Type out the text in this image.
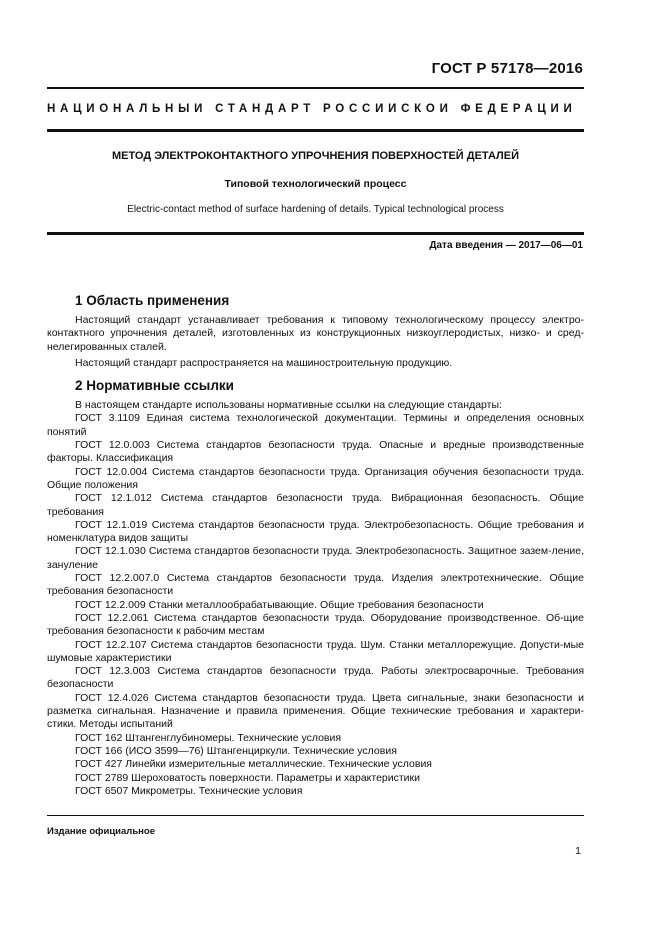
ГОСТ Р 57178—2016
НАЦИОНАЛЬНЫЙ СТАНДАРТ РОССИЙСКОЙ ФЕДЕРАЦИИ
МЕТОД ЭЛЕКТРОКОНТАКТНОГО УПРОЧНЕНИЯ ПОВЕРХНОСТЕЙ ДЕТАЛЕЙ
Типовой технологический процесс
Electric-contact method of surface hardening of details. Typical technological process
Дата введения — 2017—06—01
1 Область применения

Настоящий стандарт устанавливает требования к типовому технологическому процессу электро-контактного упрочнения деталей, изготовленных из конструкционных низкоуглеродистых, низко- и сред-нелегированных сталей.

Настоящий стандарт распространяется на машиностроительную продукцию.

2 Нормативные ссылки

В настоящем стандарте использованы нормативные ссылки на следующие стандарты:

ГОСТ 3.1109 Единая система технологической документации. Термины и определения основных понятий

ГОСТ 12.0.003 Система стандартов безопасности труда. Опасные и вредные производственные факторы. Классификация

ГОСТ 12.0.004 Система стандартов безопасности труда. Организация обучения безопасности труда. Общие положения

ГОСТ 12.1.012 Система стандартов безопасности труда. Вибрационная безопасность. Общие требования

ГОСТ 12.1.019 Система стандартов безопасности труда. Электробезопасность. Общие требования и номенклатура видов защиты

ГОСТ 12.1.030 Система стандартов безопасности труда. Электробезопасность. Защитное зазем-ление, зануление

ГОСТ 12.2.007.0 Система стандартов безопасности труда. Изделия электротехнические. Общие требования безопасности

ГОСТ 12.2.009 Станки металлообрабатывающие. Общие требования безопасности

ГОСТ 12.2.061 Система стандартов безопасности труда. Оборудование производственное. Об-щие требования безопасности к рабочим местам

ГОСТ 12.2.107 Система стандартов безопасности труда. Шум. Станки металлорежущие. Допусти-мые шумовые характеристики

ГОСТ 12.3.003 Система стандартов безопасности труда. Работы электросварочные. Требования безопасности

ГОСТ 12.4.026 Система стандартов безопасности труда. Цвета сигнальные, знаки безопасности и разметка сигнальная. Назначение и правила применения. Общие технические требования и характери-стики. Методы испытаний

ГОСТ 162 Штангенглубиномеры. Технические условия

ГОСТ 166 (ИСО 3599—76) Штангенциркули. Технические условия

ГОСТ 427 Линейки измерительные металлические. Технические условия

ГОСТ 2789 Шероховатость поверхности. Параметры и характеристики

ГОСТ 6507 Микрометры. Технические условия

Издание официальное
1
